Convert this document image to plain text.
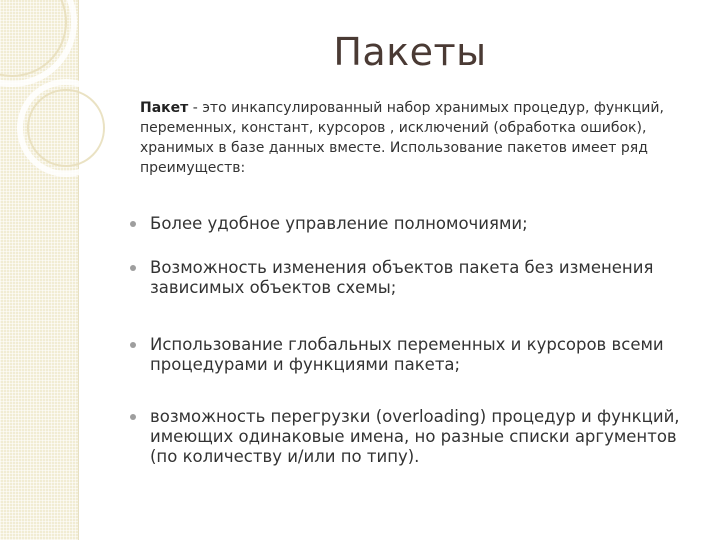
Пакеты
Пакет - это инкапсулированный набор хранимых процедур, функций, переменных, констант, курсоров , исключений (обработка ошибок), хранимых в базе данных вместе. Использование пакетов имеет ряд преимуществ:
Более удобное управление полномочиями;
Возможность изменения объектов пакета без изменения зависимых объектов схемы;
Использование глобальных переменных и курсоров всеми процедурами и функциями пакета;
возможность перегрузки (overloading) процедур и функций, имеющих одинаковые имена, но разные списки аргументов (по количеству и/или по типу).
